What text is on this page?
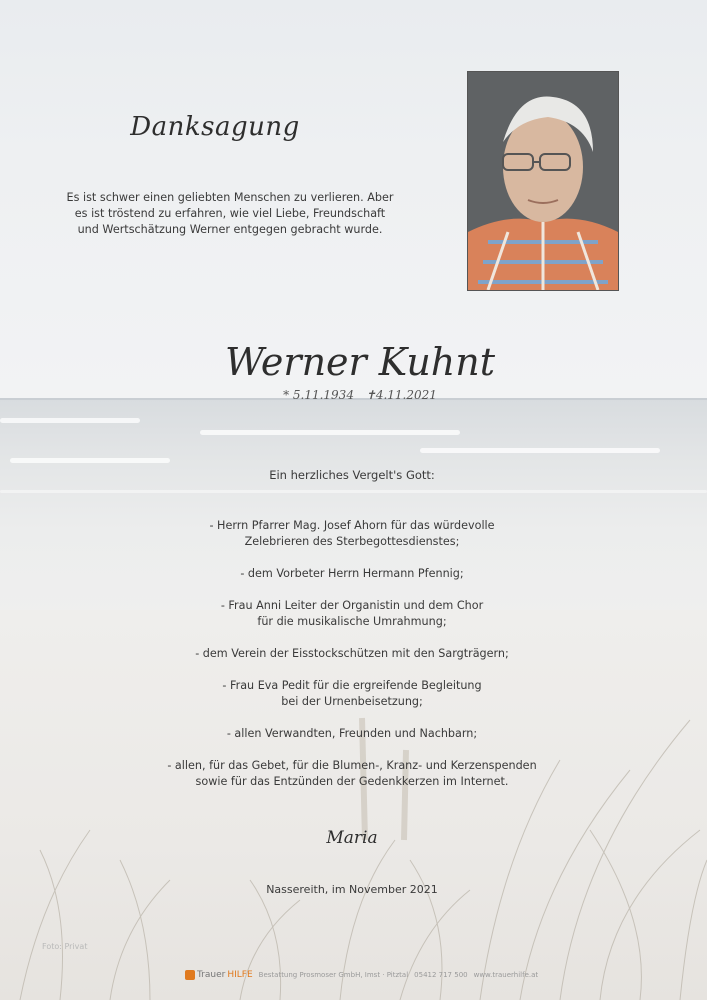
Danksagung

Es ist schwer einen geliebten Menschen zu verlieren. Aber es ist tröstend zu erfahren, wie viel Liebe, Freundschaft und Wertschätzung Werner entgegen gebracht wurde.

Werner Kuhnt
* 5.11.1934 ✝4.11.2021

Ein herzliches Vergelt's Gott:

- Herrn Pfarrer Mag. Josef Ahorn für das würdevolle
Zelebrieren des Sterbegottesdienstes;

- dem Vorbeter Herrn Hermann Pfennig;

- Frau Anni Leiter der Organistin und dem Chor
für die musikalische Umrahmung;

- dem Verein der Eisstockschützen mit den Sargträgern;

- Frau Eva Pedit für die ergreifende Begleitung
bei der Urnenbeisetzung;

- allen Verwandten, Freunden und Nachbarn;

- allen, für das Gebet, für die Blumen-, Kranz- und Kerzenspenden
sowie für das Entzünden der Gedenkkerzen im Internet.
Maria

Nassereith, im November 2021

Foto: Privat
Trauer HILFE Bestattung Prosmoser GmbH, Imst · Pitztal 05412 717 500 www.trauerhilfe.at
